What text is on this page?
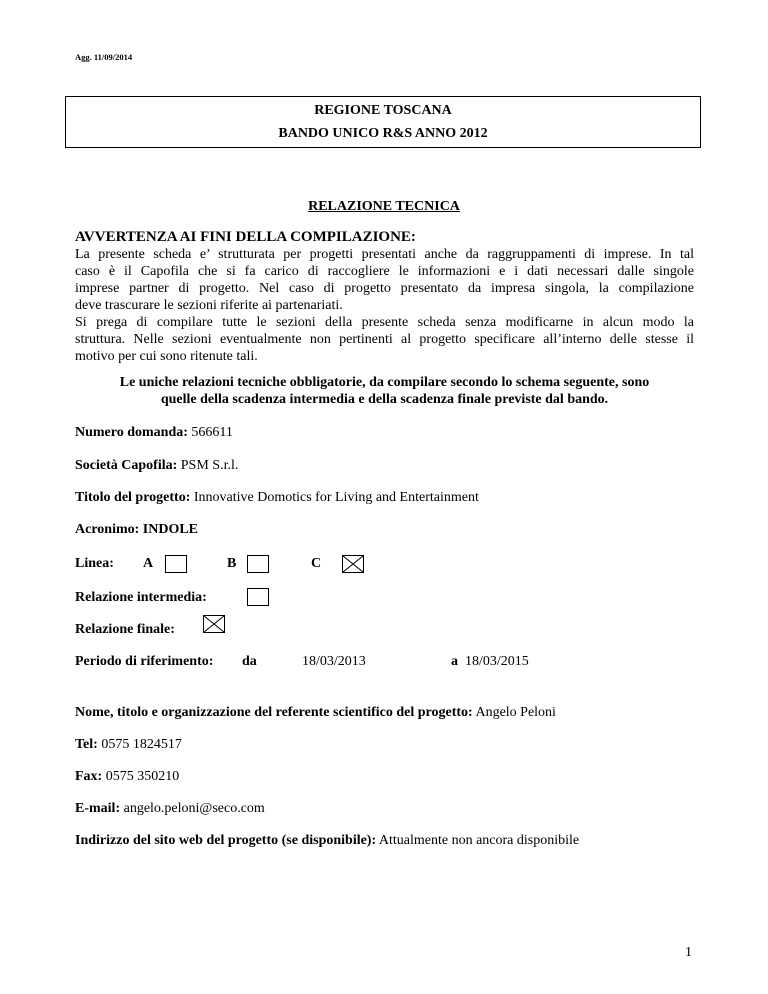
Agg. 11/09/2014
REGIONE TOSCANA
BANDO UNICO R&S ANNO 2012
RELAZIONE TECNICA
AVVERTENZA AI FINI DELLA COMPILAZIONE:
La presente scheda e’ strutturata per progetti presentati anche da raggruppamenti di imprese. In tal
caso è il Capofila che si fa carico di raccogliere le informazioni e i dati necessari dalle singole
imprese partner di progetto. Nel caso di progetto presentato da impresa singola, la compilazione
deve trascurare le sezioni riferite ai partenariati.
Si prega di compilare tutte le sezioni della presente scheda senza modificarne in alcun modo la
struttura. Nelle sezioni eventualmente non pertinenti al progetto specificare all’interno delle stesse il
motivo per cui sono ritenute tali.
Le uniche relazioni tecniche obbligatorie, da compilare secondo lo schema seguente, sono
quelle della scadenza intermedia e della scadenza finale previste dal bando.
Numero domanda: 566611
Società Capofila: PSM S.r.l.
Titolo del progetto: Innovative Domotics for Living and Entertainment
Acronimo: INDOLE
Linea: A	B	C
Relazione intermedia:
Relazione finale:
Periodo di riferimento: da	18/03/2013	a 18/03/2015
Nome, titolo e organizzazione del referente scientifico del progetto: Angelo Peloni
Tel: 0575 1824517
Fax: 0575 350210
E-mail: angelo.peloni@seco.com
Indirizzo del sito web del progetto (se disponibile): Attualmente non ancora disponibile
1
